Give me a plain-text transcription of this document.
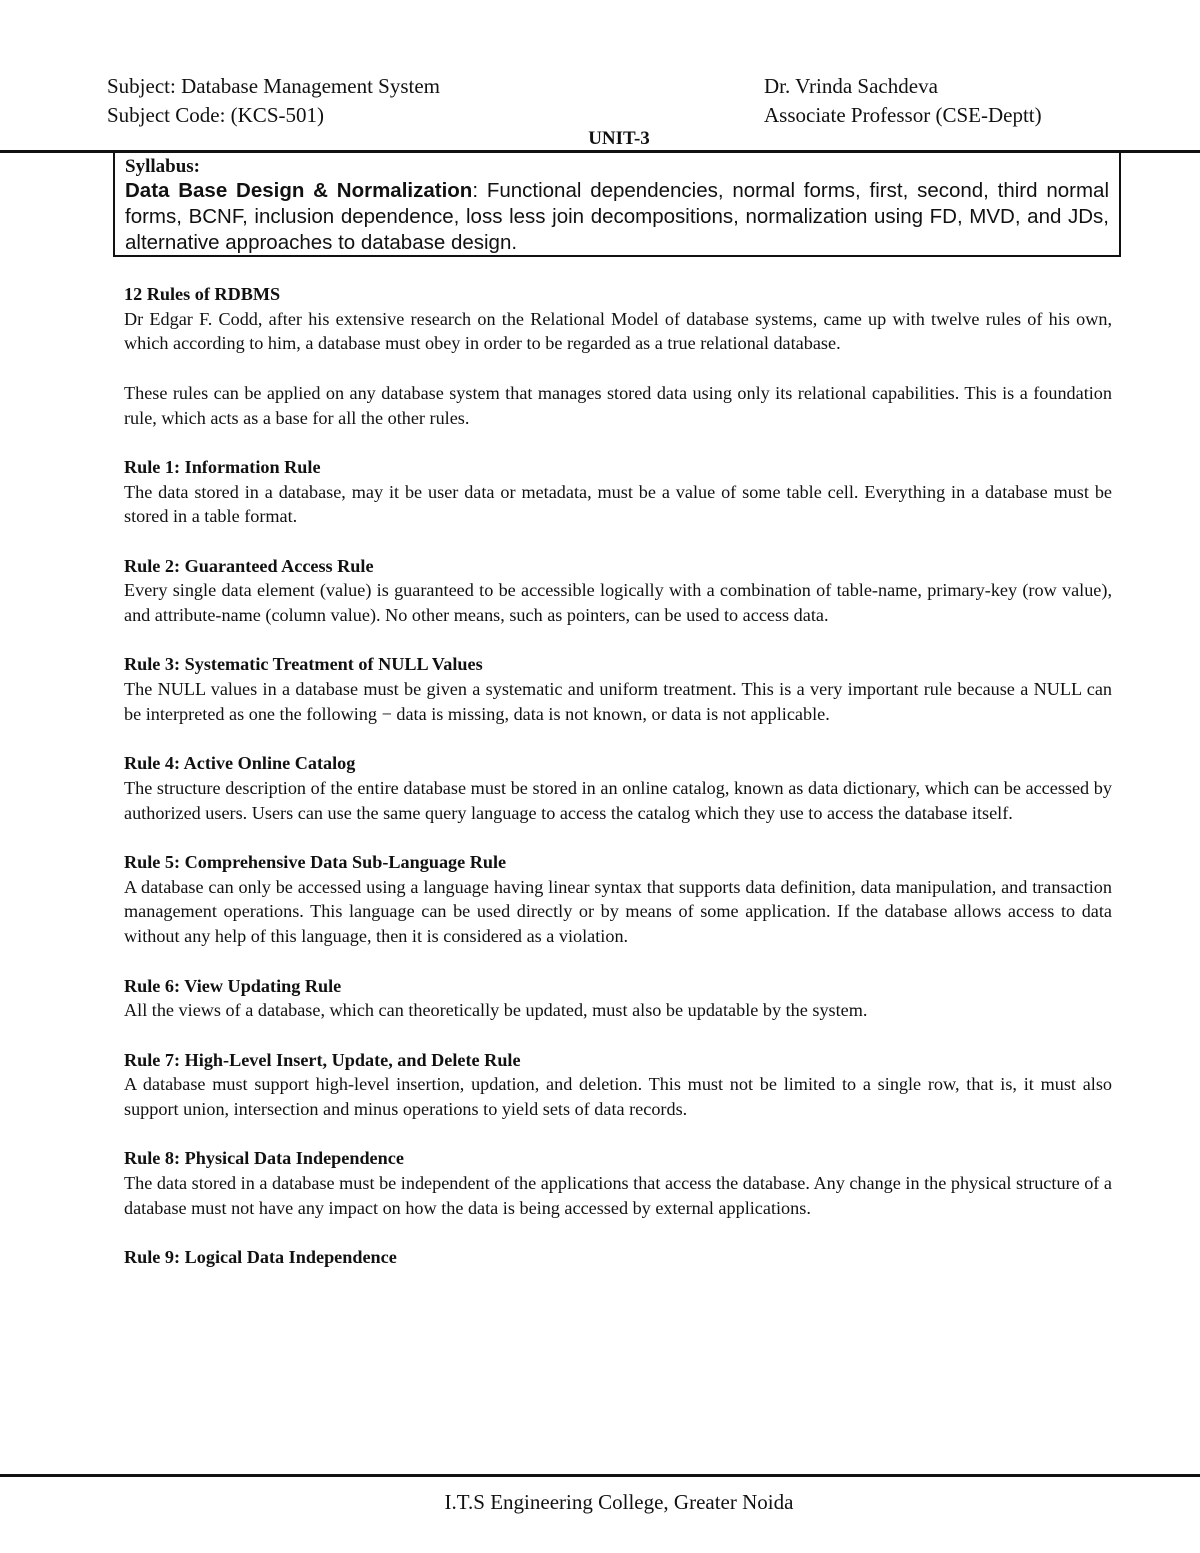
Subject: Database Management System
Subject Code: (KCS-501)
Dr. Vrinda Sachdeva
Associate Professor (CSE-Deptt)
UNIT-3
Syllabus:
Data Base Design & Normalization: Functional dependencies, normal forms, first, second, third normal forms, BCNF, inclusion dependence, loss less join decompositions, normalization using FD, MVD, and JDs, alternative approaches to database design.
12 Rules of RDBMS

Dr Edgar F. Codd, after his extensive research on the Relational Model of database systems, came up with twelve rules of his own, which according to him, a database must obey in order to be regarded as a true relational database.

These rules can be applied on any database system that manages stored data using only its relational capabilities. This is a foundation rule, which acts as a base for all the other rules.

Rule 1: Information Rule

The data stored in a database, may it be user data or metadata, must be a value of some table cell. Everything in a database must be stored in a table format.

Rule 2: Guaranteed Access Rule

Every single data element (value) is guaranteed to be accessible logically with a combination of table-name, primary-key (row value), and attribute-name (column value). No other means, such as pointers, can be used to access data.

Rule 3: Systematic Treatment of NULL Values

The NULL values in a database must be given a systematic and uniform treatment. This is a very important rule because a NULL can be interpreted as one the following − data is missing, data is not known, or data is not applicable.

Rule 4: Active Online Catalog

The structure description of the entire database must be stored in an online catalog, known as data dictionary, which can be accessed by authorized users. Users can use the same query language to access the catalog which they use to access the database itself.

Rule 5: Comprehensive Data Sub-Language Rule

A database can only be accessed using a language having linear syntax that supports data definition, data manipulation, and transaction management operations. This language can be used directly or by means of some application. If the database allows access to data without any help of this language, then it is considered as a violation.

Rule 6: View Updating Rule

All the views of a database, which can theoretically be updated, must also be updatable by the system.

Rule 7: High-Level Insert, Update, and Delete Rule

A database must support high-level insertion, updation, and deletion. This must not be limited to a single row, that is, it must also support union, intersection and minus operations to yield sets of data records.

Rule 8: Physical Data Independence

The data stored in a database must be independent of the applications that access the database. Any change in the physical structure of a database must not have any impact on how the data is being accessed by external applications.

Rule 9: Logical Data Independence
I.T.S Engineering College, Greater Noida
